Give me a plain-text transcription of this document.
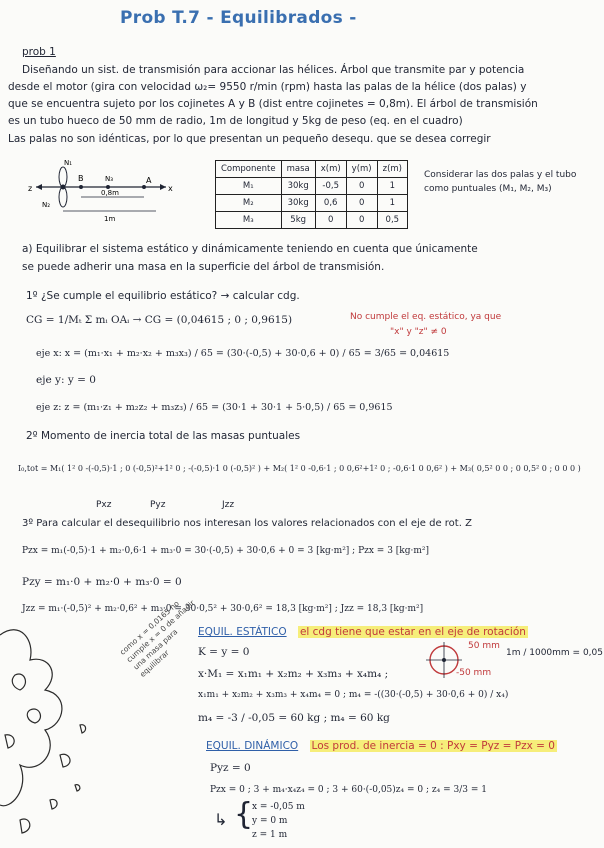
Prob T.7 - Equilibrados -
prob 1
Diseñando un sist. de transmisión para accionar las hélices. Árbol que transmite par y potencia
desde el motor (gira con velocidad ω₂= 9550 r/min (rpm) hasta las palas de la hélice (dos palas) y
que se encuentra sujeto por los cojinetes A y B (dist entre cojinetes = 0,8m). El árbol de transmisión
es un tubo hueco de 50 mm de radio, 1m de longitud y 5kg de peso (eq. en el cuadro)
Las palas no son idénticas, por lo que presentan un pequeño desequ. que se desea corregir
z	x
B	A
N₁
N₂
N₃
0,8m
1m
Componente	masa	x(m)	y(m)	z(m)
M₁	30kg	-0,5	0	1
M₂	30kg	0,6	0	1
M₃	5kg	0	0	0,5
Considerar las dos palas y el tubo como puntuales (M₁, M₂, M₃)
a) Equilibrar el sistema estático y dinámicamente teniendo en cuenta que únicamente
se puede adherir una masa en la superficie del árbol de transmisión.
1º ¿Se cumple el equilibrio estático? → calcular cdg.
CG = 1/Mₜ Σ mᵢ OAᵢ → CG = (0,04615 ; 0 ; 0,9615)	No cumple el eq. estático, ya que
"x" y "z" ≠ 0
eje x: x = (m₁·x₁ + m₂·x₂ + m₃x₃) / 65 = (30·(-0,5) + 30·0,6 + 0) / 65 = 3/65 = 0,04615
eje y: y = 0
eje z: z = (m₁·z₁ + m₂z₂ + m₃z₃) / 65 = (30·1 + 30·1 + 5·0,5) / 65 = 0,9615
2º Momento de inercia total de las masas puntuales
I₀,tot = M₁( 1² 0 -(-0,5)·1 ; 0 (-0,5)²+1² 0 ; -(-0,5)·1 0 (-0,5)² ) + M₂( 1² 0 -0,6·1 ; 0 0,6²+1² 0 ; -0,6·1 0 0,6² ) + M₃( 0,5² 0 0 ; 0 0,5² 0 ; 0 0 0 )
Pxz	Pyz	Jzz
3º Para calcular el desequilibrio nos interesan los valores relacionados con el eje de rot. Z
Pzx = m₁(-0,5)·1 + m₂·0,6·1 + m₃·0 = 30·(-0,5) + 30·0,6 + 0 = 3 [kg·m²] ; Pzx = 3 [kg·m²]
Pzy = m₁·0 + m₂·0 + m₃·0 = 0
Jzz = m₁·(-0,5)² + m₂·0,6² + m₃·0 = 30·0,5² + 30·0,6² = 18,3 [kg·m²] ; Jzz = 18,3 [kg·m²]
como x = 0,0165 no cumple x = 0 de añadir una masa para equilibrar
EQUIL. ESTÁTICO el cdg tiene que estar en el eje de rotación
K = y = 0
x·M₁ = x₁m₁ + x₂m₂ + x₃m₃ + x₄m₄ ;
x₁m₁ + x₂m₂ + x₃m₃ + x₄m₄ = 0 ; m₄ = -((30·(-0,5) + 30·0,6 + 0) / x₄)
m₄ = -3 / -0,05 = 60 kg ; m₄ = 60 kg
50 mm
1m / 1000mm = 0,05
-50 mm
EQUIL. DINÁMICO Los prod. de inercia = 0 : Pxy = Pyz = Pzx = 0
Pyz = 0
Pzx = 0 ; 3 + m₄·x₄z₄ = 0 ; 3 + 60·(-0,05)z₄ = 0 ; z₄ = 3/3 = 1
↳ {
x = -0,05 m
y = 0 m
z = 1 m
